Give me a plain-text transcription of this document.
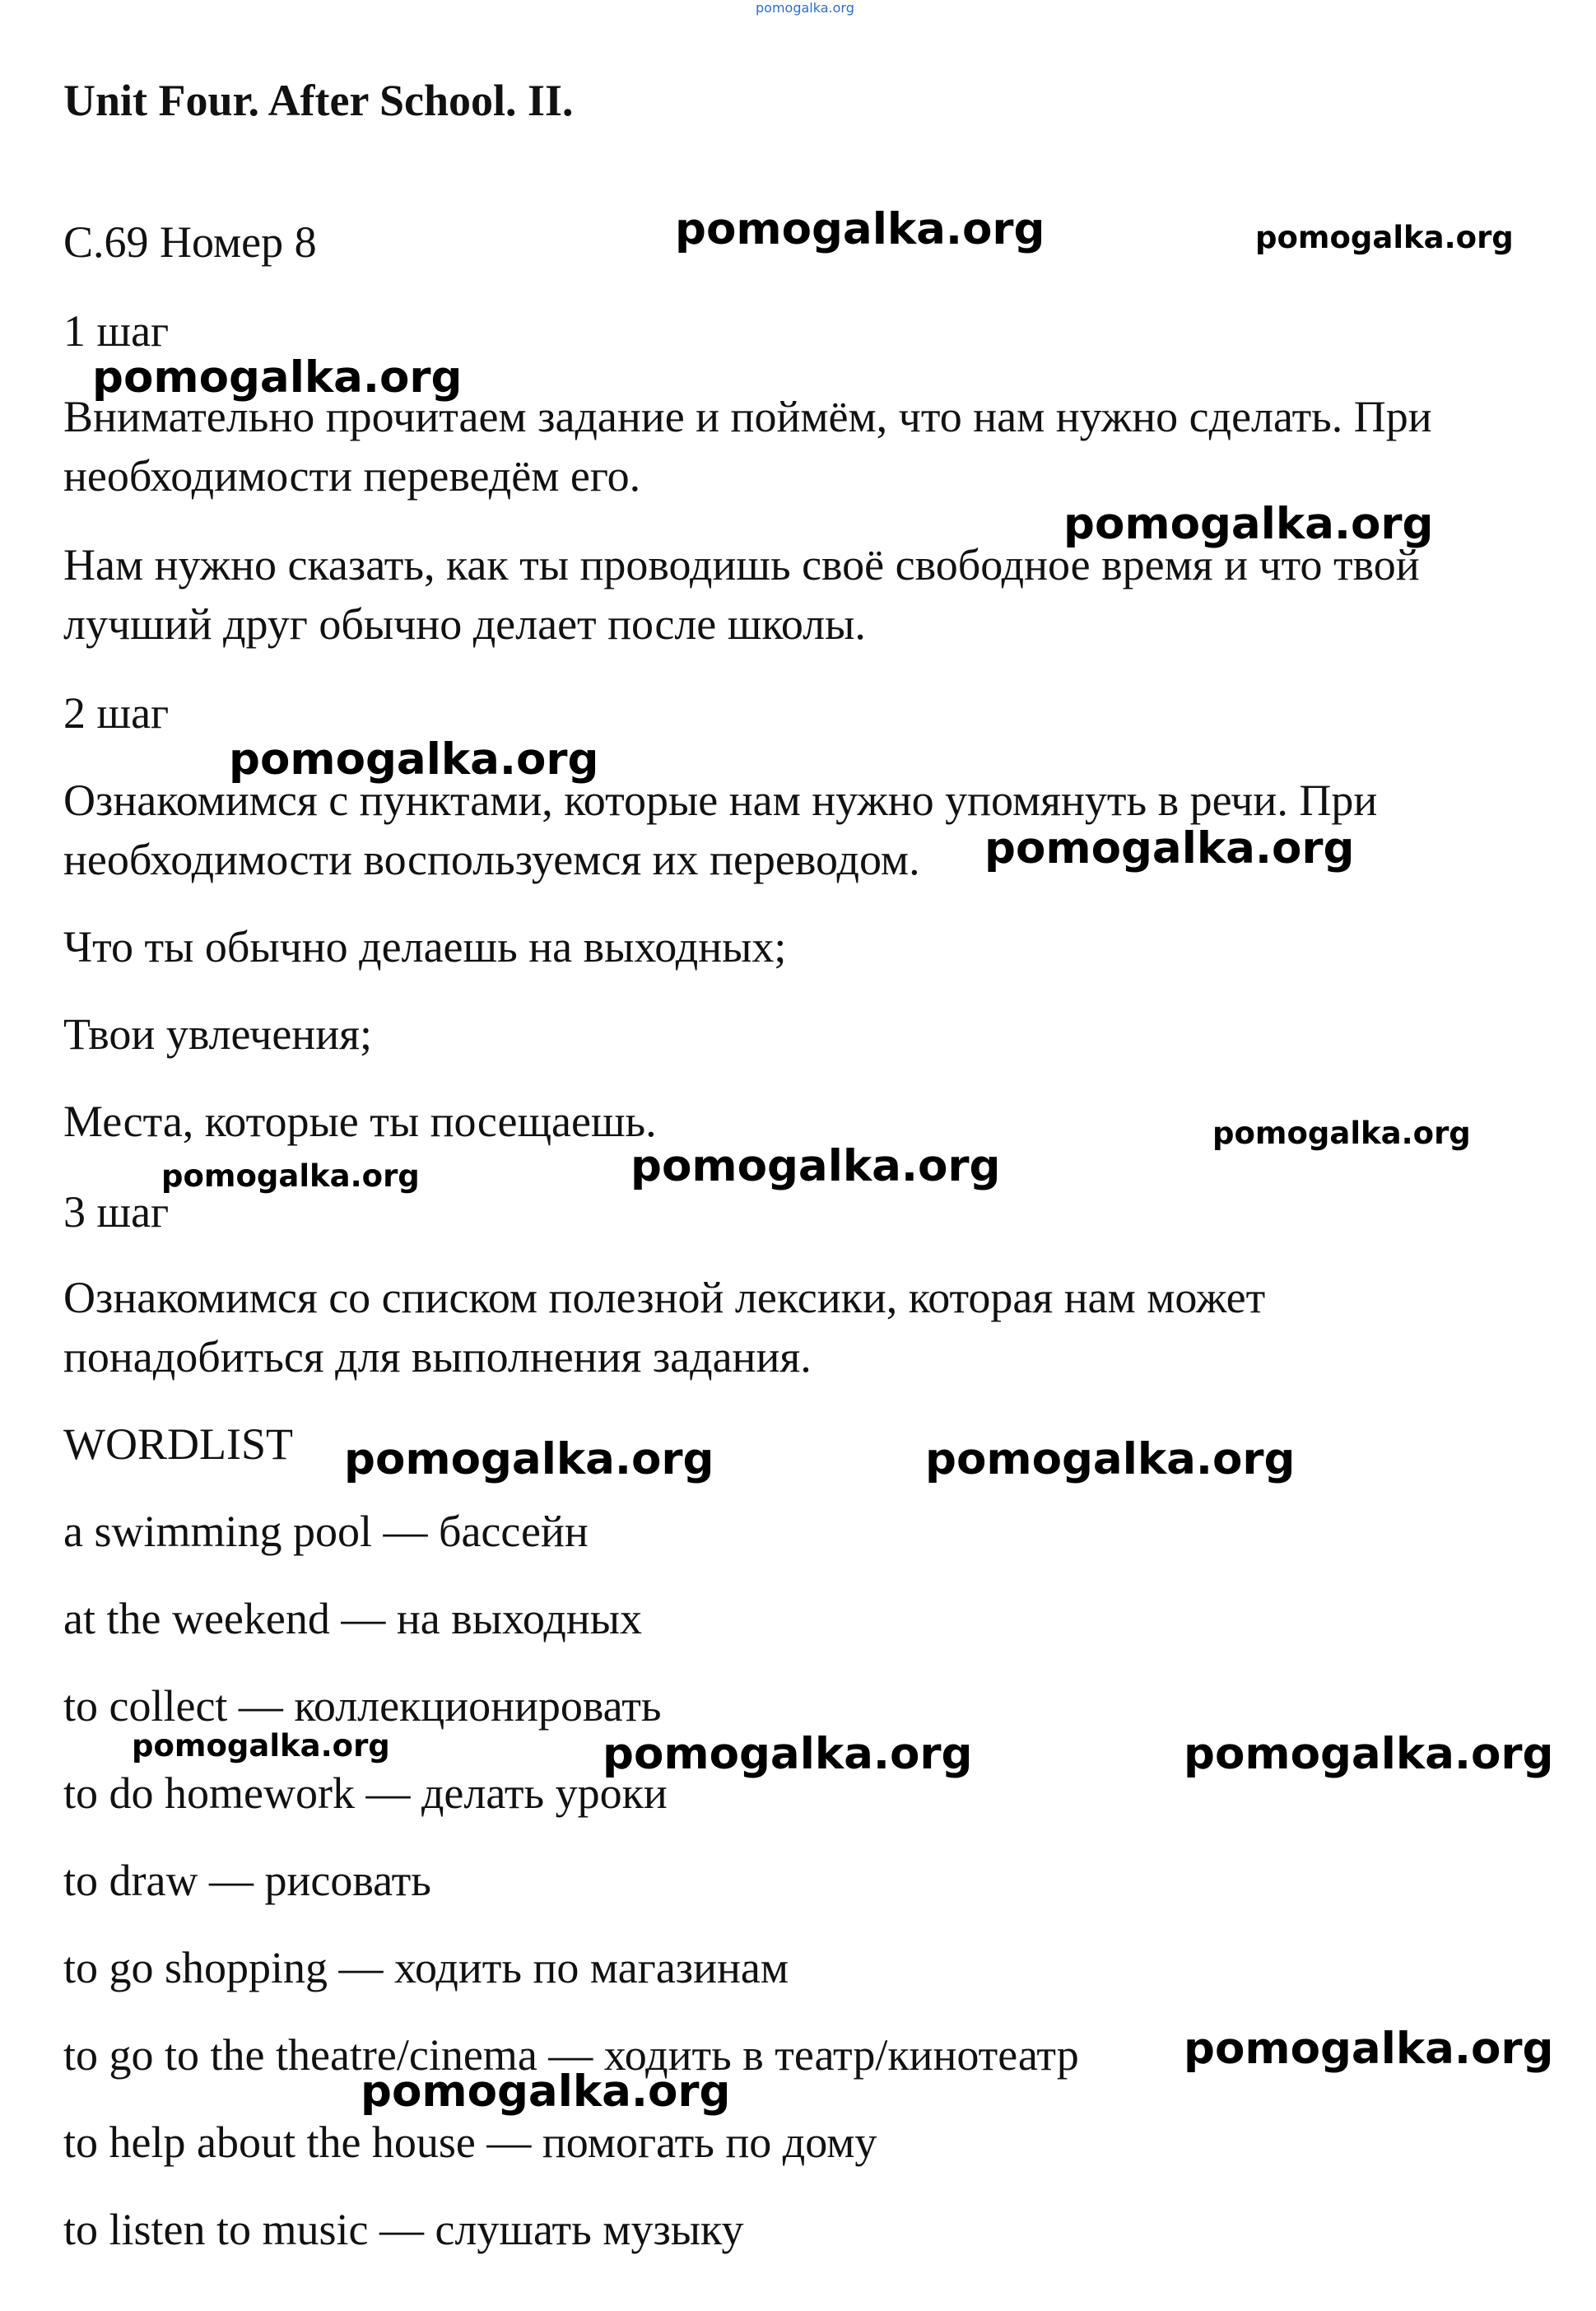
pomogalka.org
Unit Four. After School. II.
С.69 Номер 8
1 шаг
Внимательно прочитаем задание и поймём, что нам нужно сделать. При
необходимости переведём его.
Нам нужно сказать, как ты проводишь своё свободное время и что твой
лучший друг обычно делает после школы.
2 шаг
Ознакомимся с пунктами, которые нам нужно упомянуть в речи. При
необходимости воспользуемся их переводом.
Что ты обычно делаешь на выходных;
Твои увлечения;
Места, которые ты посещаешь.
3 шаг
Ознакомимся со списком полезной лексики, которая нам может
понадобиться для выполнения задания.
WORDLIST
a swimming pool — бассейн
at the weekend — на выходных
to collect — коллекционировать
to do homework — делать уроки
to draw — рисовать
to go shopping — ходить по магазинам
to go to the theatre/cinema — ходить в театр/кинотеатр
to help about the house — помогать по дому
to listen to music — слушать музыку
pomogalka.org	pomogalka.org
pomogalka.org
pomogalka.org
pomogalka.org
pomogalka.org
pomogalka.org
pomogalka.org	pomogalka.org
pomogalka.org	pomogalka.org
pomogalka.org	pomogalka.org	pomogalka.org
pomogalka.org
pomogalka.org
